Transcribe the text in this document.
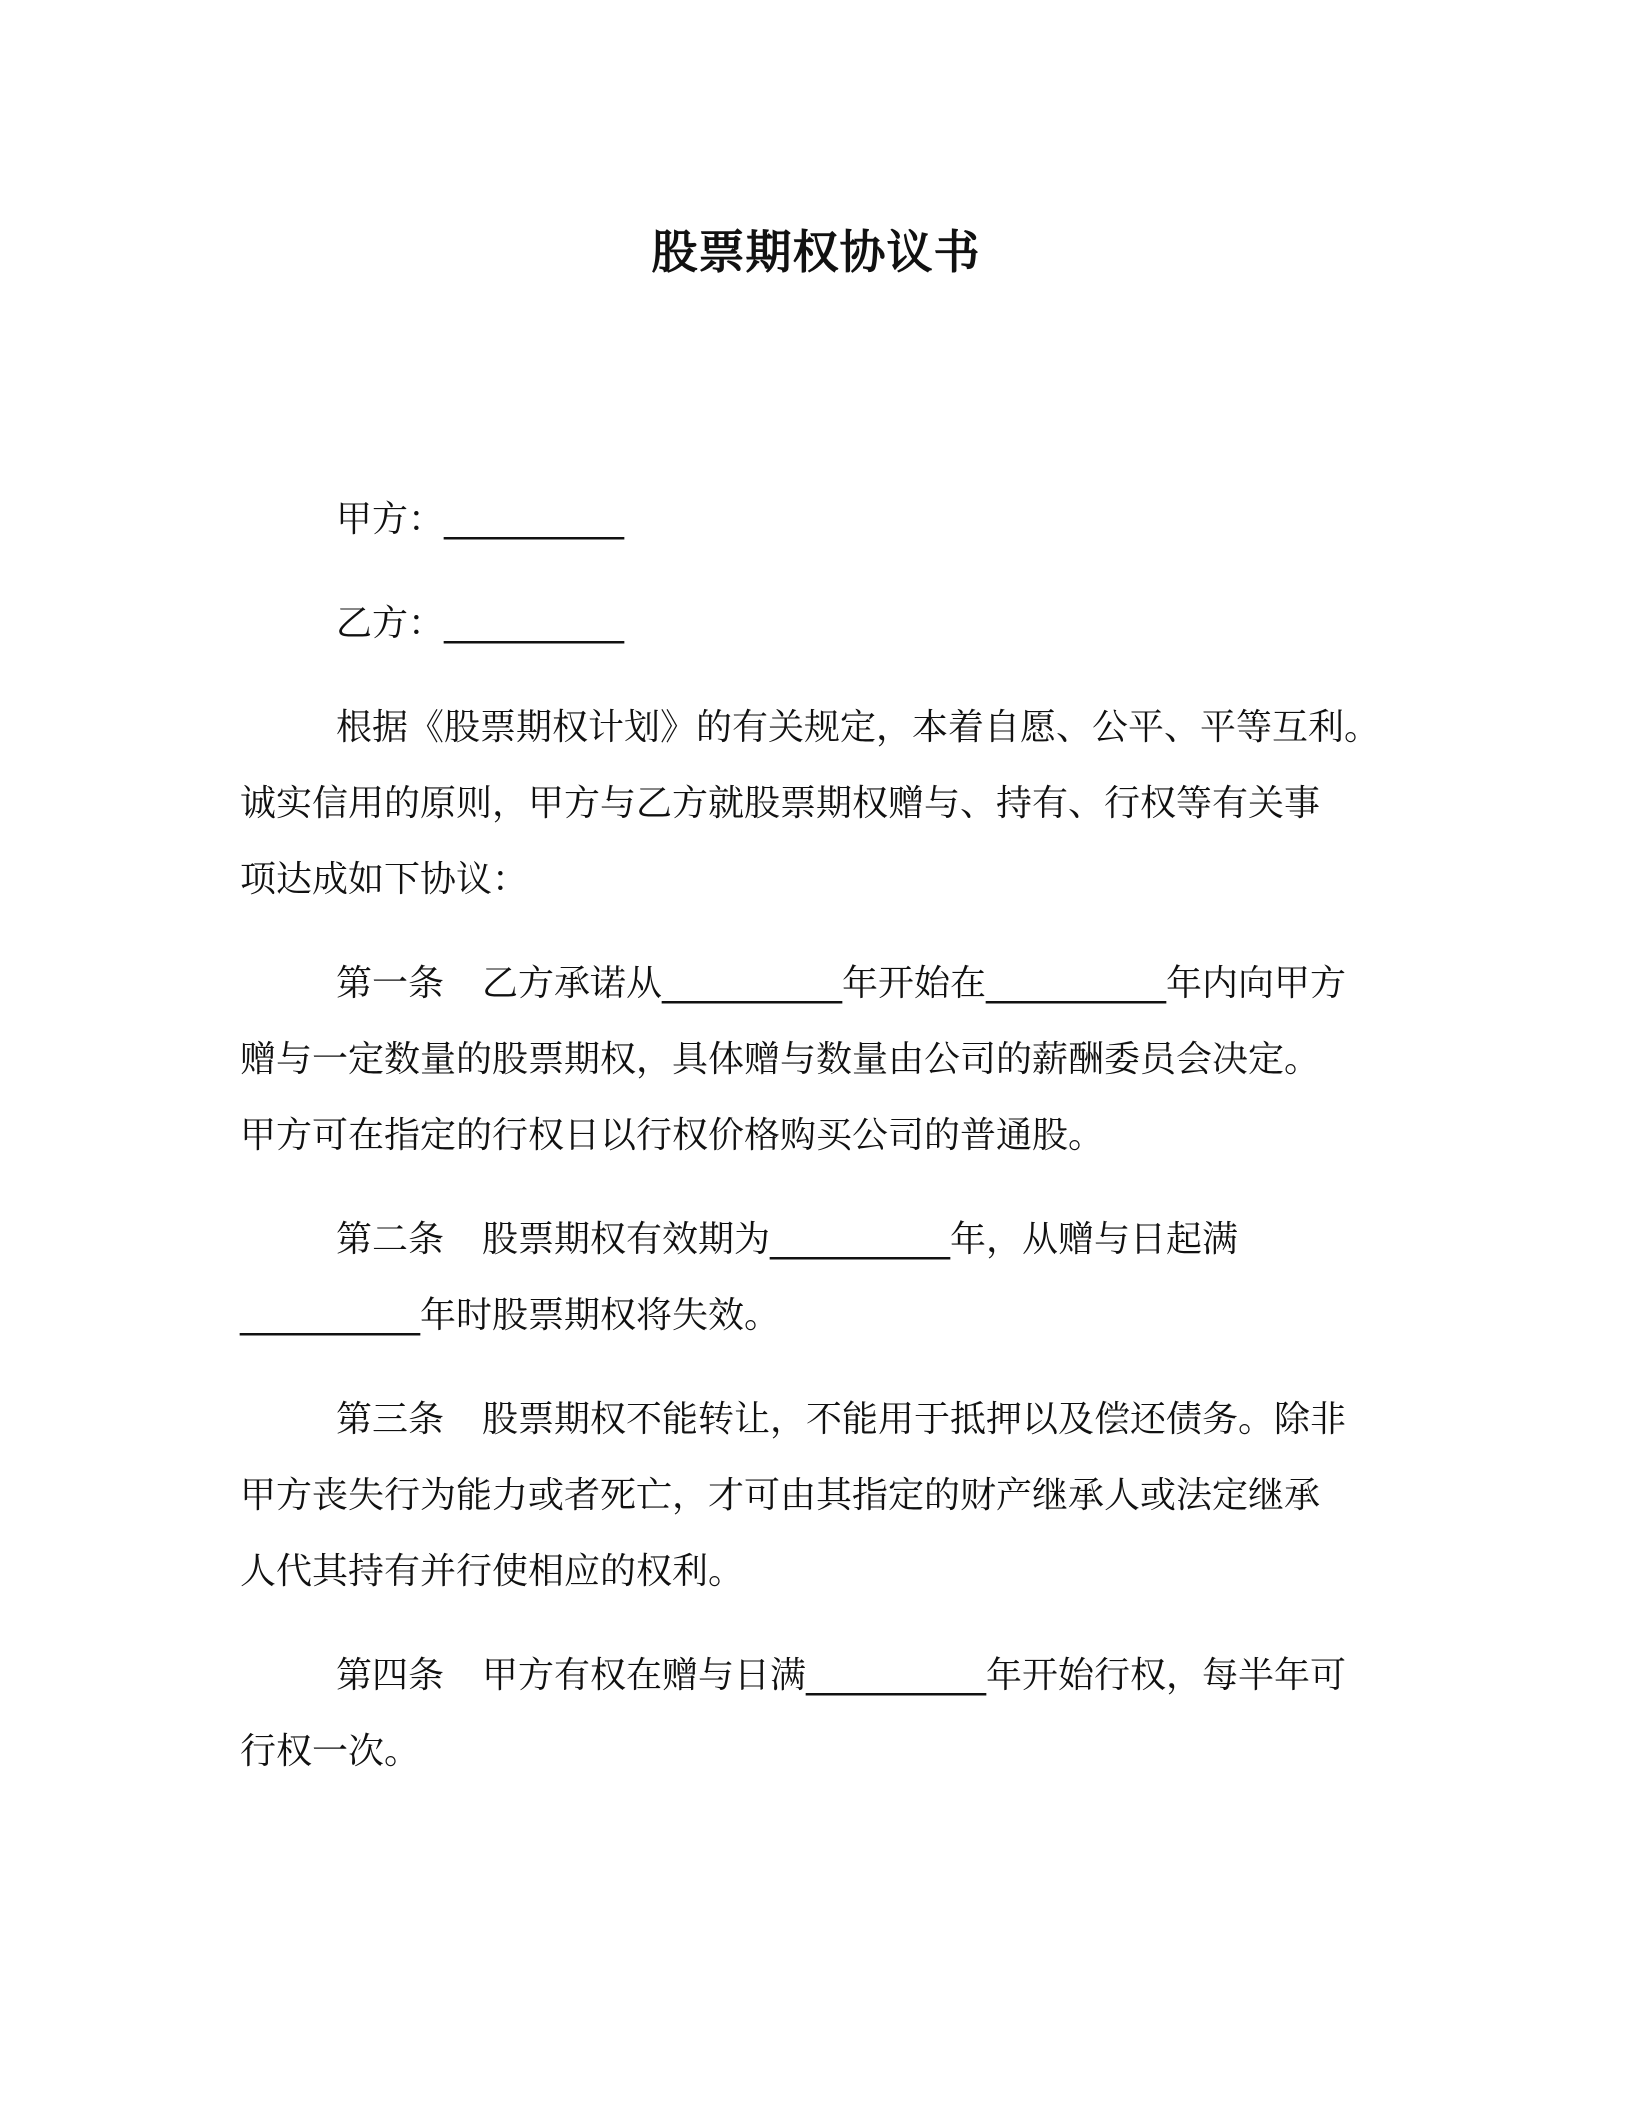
股票期权协议书

甲方：__________

乙方：__________

根据《股票期权计划》的有关规定，本着自愿、公平、平等互利。

诚实信用的原则，甲方与乙方就股票期权赠与、持有、行权等有关事

项达成如下协议：

第一条 乙方承诺从__________年开始在__________年内向甲方

赠与一定数量的股票期权，具体赠与数量由公司的薪酬委员会决定。

甲方可在指定的行权日以行权价格购买公司的普通股。

第二条 股票期权有效期为__________年，从赠与日起满

__________年时股票期权将失效。

第三条 股票期权不能转让，不能用于抵押以及偿还债务。除非

甲方丧失行为能力或者死亡，才可由其指定的财产继承人或法定继承

人代其持有并行使相应的权利。

第四条 甲方有权在赠与日满__________年开始行权，每半年可

行权一次。
